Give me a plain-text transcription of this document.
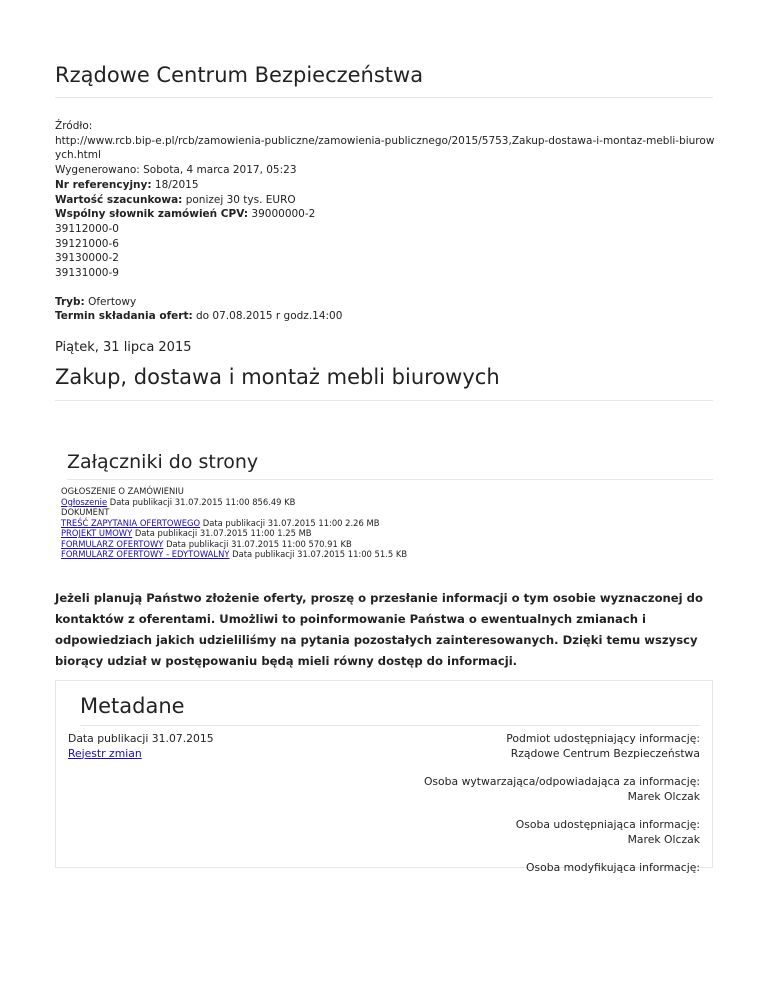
Rządowe Centrum Bezpieczeństwa
Źródło:
http://www.rcb.bip-e.pl/rcb/zamowienia-publiczne/zamowienia-publicznego/2015/5753,Zakup-dostawa-i-montaz-mebli-biurow
ych.html
Wygenerowano: Sobota, 4 marca 2017, 05:23
Nr referencyjny: 18/2015
Wartość szacunkowa: ponizej 30 tys. EURO
Wspólny słownik zamówień CPV: 39000000-2
39112000-0
39121000-6
39130000-2
39131000-9
Tryb: Ofertowy
Termin składania ofert: do 07.08.2015 r godz.14:00
Piątek, 31 lipca 2015
Zakup, dostawa i montaż mebli biurowych
Załączniki do strony
OGŁOSZENIE O ZAMÓWIENIU
Ogłoszenie Data publikacji 31.07.2015 11:00 856.49 KB
DOKUMENT
TREŚĆ ZAPYTANIA OFERTOWEGO Data publikacji 31.07.2015 11:00 2.26 MB
PROJEKT UMOWY Data publikacji 31.07.2015 11:00 1.25 MB
FORMULARZ OFERTOWY Data publikacji 31.07.2015 11:00 570.91 KB
FORMULARZ OFERTOWY - EDYTOWALNY Data publikacji 31.07.2015 11:00 51.5 KB
Jeżeli planują Państwo złożenie oferty, proszę o przesłanie informacji o tym osobie wyznaczonej do kontaktów z oferentami. Umożliwi to poinformowanie Państwa o ewentualnych zmianach i odpowiedziach jakich udzieliliśmy na pytania pozostałych zainteresowanych. Dzięki temu wszyscy biorący udział w postępowaniu będą mieli równy dostęp do informacji.
Metadane
Data publikacji 31.07.2015
Rejestr zmian
Podmiot udostępniający informację:
Rządowe Centrum Bezpieczeństwa
Osoba wytwarzająca/odpowiadająca za informację:
Marek Olczak
Osoba udostępniająca informację:
Marek Olczak
Osoba modyfikująca informację:
